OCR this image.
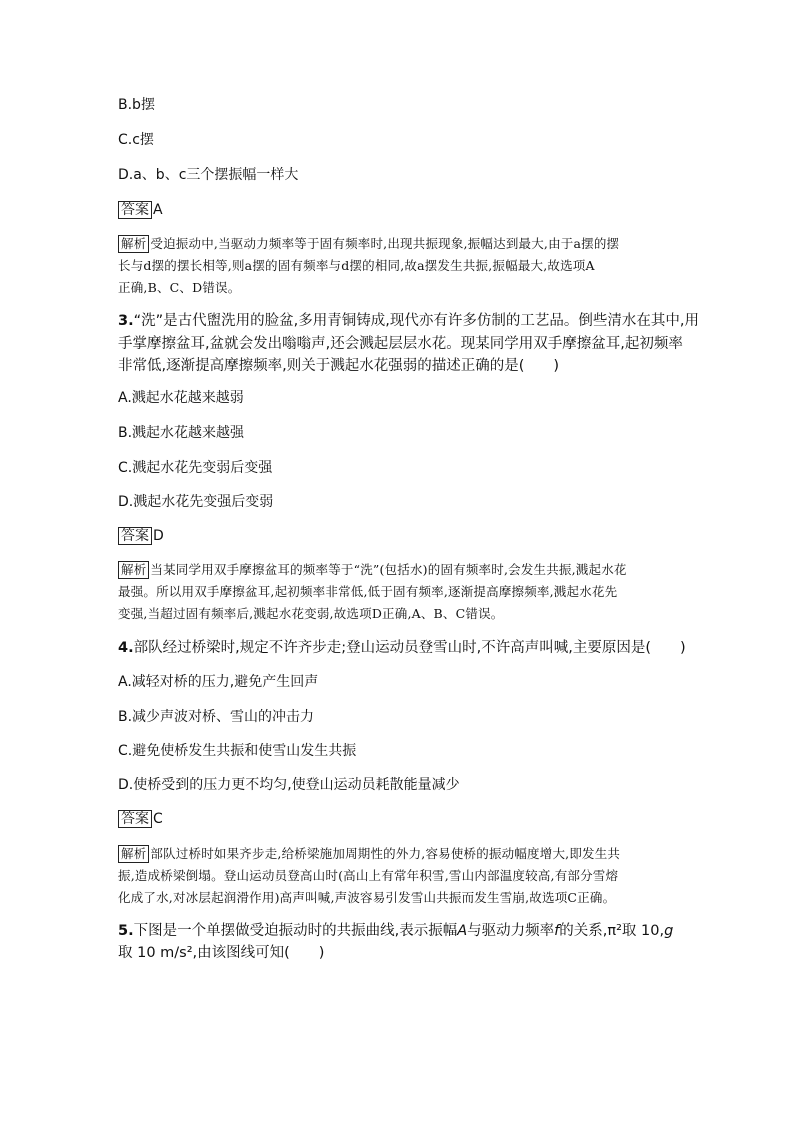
B.b摆
C.c摆
D.a、b、c三个摆振幅一样大
答案 A
解析 受迫振动中,当驱动力频率等于固有频率时,出现共振现象,振幅达到最大,由于a摆的摆
长与d摆的摆长相等,则a摆的固有频率与d摆的相同,故a摆发生共振,振幅最大,故选项A
正确,B、C、D错误。
3.“洗”是古代盥洗用的脸盆,多用青铜铸成,现代亦有许多仿制的工艺品。倒些清水在其中,用
手掌摩擦盆耳,盆就会发出嗡嗡声,还会溅起层层水花。现某同学用双手摩擦盆耳,起初频率
非常低,逐渐提高摩擦频率,则关于溅起水花强弱的描述正确的是(　　)
A.溅起水花越来越弱
B.溅起水花越来越强
C.溅起水花先变弱后变强
D.溅起水花先变强后变弱
答案 D
解析 当某同学用双手摩擦盆耳的频率等于“洗”(包括水)的固有频率时,会发生共振,溅起水花
最强。所以用双手摩擦盆耳,起初频率非常低,低于固有频率,逐渐提高摩擦频率,溅起水花先
变强,当超过固有频率后,溅起水花变弱,故选项D正确,A、B、C错误。
4.部队经过桥梁时,规定不许齐步走;登山运动员登雪山时,不许高声叫喊,主要原因是(　　)
A.减轻对桥的压力,避免产生回声
B.减少声波对桥、雪山的冲击力
C.避免使桥发生共振和使雪山发生共振
D.使桥受到的压力更不均匀,使登山运动员耗散能量减少
答案 C
解析 部队过桥时如果齐步走,给桥梁施加周期性的外力,容易使桥的振动幅度增大,即发生共
振,造成桥梁倒塌。登山运动员登高山时(高山上有常年积雪,雪山内部温度较高,有部分雪熔
化成了水,对冰层起润滑作用)高声叫喊,声波容易引发雪山共振而发生雪崩,故选项C正确。
5.下图是一个单摆做受迫振动时的共振曲线,表示振幅A与驱动力频率f的关系,π²取 10,g
取 10 m/s²,由该图线可知(　　)
